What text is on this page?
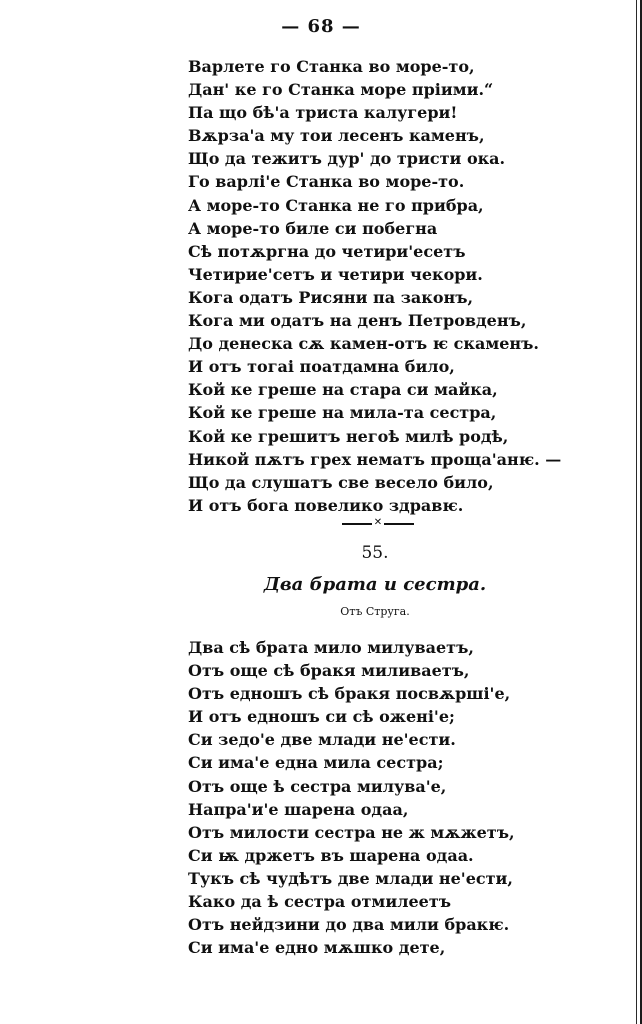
— 68 —
Варлете го Станка во море-то,
Дан' ке го Станка море пріими.“
Па що бѣ'а триста калугери!
Вѫрза'а му тои лесенъ каменъ,
Що да тежитъ дур' до тристи ока.
Го варлі'е Станка во море-то.
А море-то Станка не го прибра,
А море-то биле си побегна
Сѣ потѫргна до четири'есетъ
Четирие'сетъ и четири чекори.
Кога одатъ Рисяни па законъ,
Кога ми одатъ на денъ Петровденъ,
До денеска сѫ камен-отъ ѥ скаменъ.
И отъ тогаі поатдамна било,
Кой ке греше на стара си майка,
Кой ке греше на мила-та сестра,
Кой ке грешитъ негоѣ милѣ родѣ,
Никой пѫтъ грех нематъ проща'анѥ. —
Що да слушатъ све весело било,
И отъ бога повелико здравѥ.
✕
55.
Два брата и сестра.
Отъ Струга.
Два сѣ брата мило милуваетъ,
Отъ още сѣ бракя миливаетъ,
Отъ едношъ сѣ бракя посвѫрші'е,
И отъ едношъ си сѣ ожені'е;
Си зедо'е две млади не'ести.
Си има'е една мила сестра;
Отъ още ѣ сестра милува'е,
Напра'и'е шарена одаа,
Отъ милости сестра не ж мѫжетъ,
Си ѭ држетъ въ шарена одаа.
Тукъ сѣ чудѣтъ две млади не'ести,
Како да ѣ сестра отмилеетъ
Отъ нейдзини до два мили бракѥ.
Си има'е едно мѫшко дете,
